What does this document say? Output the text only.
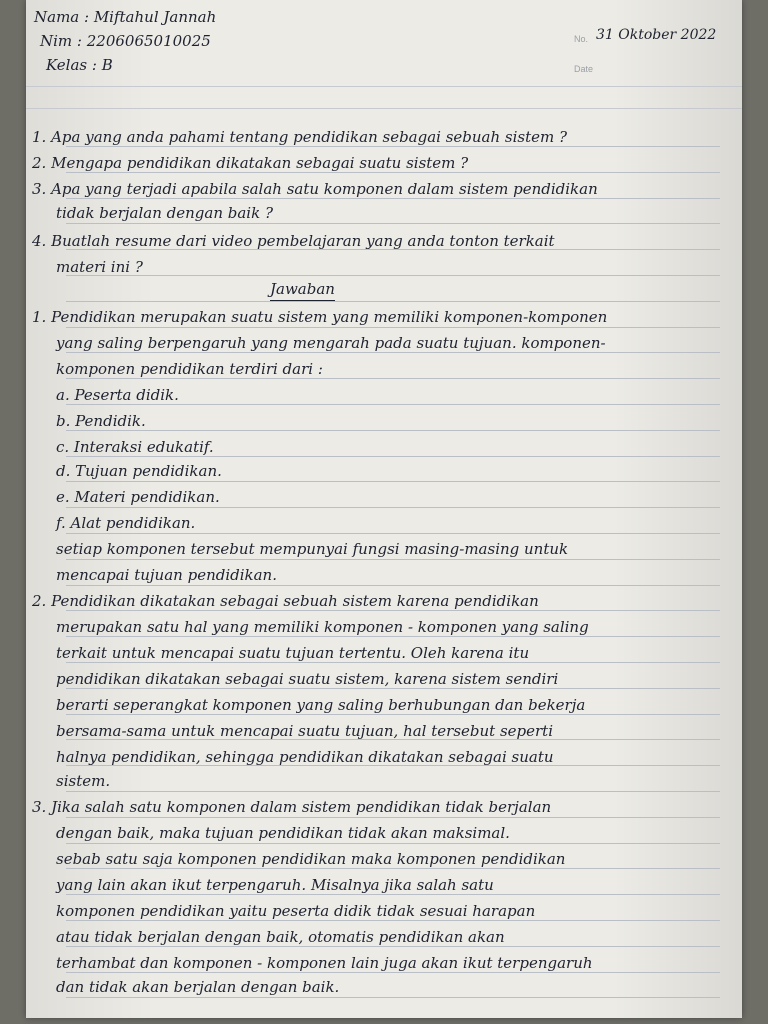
Nama : Miftahul Jannah
Nim : 2206065010025
Kelas : B
No. 31 Oktober 2022
Date
1. Apa yang anda pahami tentang pendidikan sebagai sebuah sistem ?
2. Mengapa pendidikan dikatakan sebagai suatu sistem ?
3. Apa yang terjadi apabila salah satu komponen dalam sistem pendidikan
tidak berjalan dengan baik ?
4. Buatlah resume dari video pembelajaran yang anda tonton terkait
materi ini ?
Jawaban
1. Pendidikan merupakan suatu sistem yang memiliki komponen-komponen
yang saling berpengaruh yang mengarah pada suatu tujuan. komponen-
komponen pendidikan terdiri dari :
a. Peserta didik.
b. Pendidik.
c. Interaksi edukatif.
d. Tujuan pendidikan.
e. Materi pendidikan.
f. Alat pendidikan.
setiap komponen tersebut mempunyai fungsi masing-masing untuk
mencapai tujuan pendidikan.
2. Pendidikan dikatakan sebagai sebuah sistem karena pendidikan
merupakan satu hal yang memiliki komponen - komponen yang saling
terkait untuk mencapai suatu tujuan tertentu. Oleh karena itu
pendidikan dikatakan sebagai suatu sistem, karena sistem sendiri
berarti seperangkat komponen yang saling berhubungan dan bekerja
bersama-sama untuk mencapai suatu tujuan, hal tersebut seperti
halnya pendidikan, sehingga pendidikan dikatakan sebagai suatu
sistem.
3. Jika salah satu komponen dalam sistem pendidikan tidak berjalan
dengan baik, maka tujuan pendidikan tidak akan maksimal.
sebab satu saja komponen pendidikan maka komponen pendidikan
yang lain akan ikut terpengaruh. Misalnya jika salah satu
komponen pendidikan yaitu peserta didik tidak sesuai harapan
atau tidak berjalan dengan baik, otomatis pendidikan akan
terhambat dan komponen - komponen lain juga akan ikut terpengaruh
dan tidak akan berjalan dengan baik.
